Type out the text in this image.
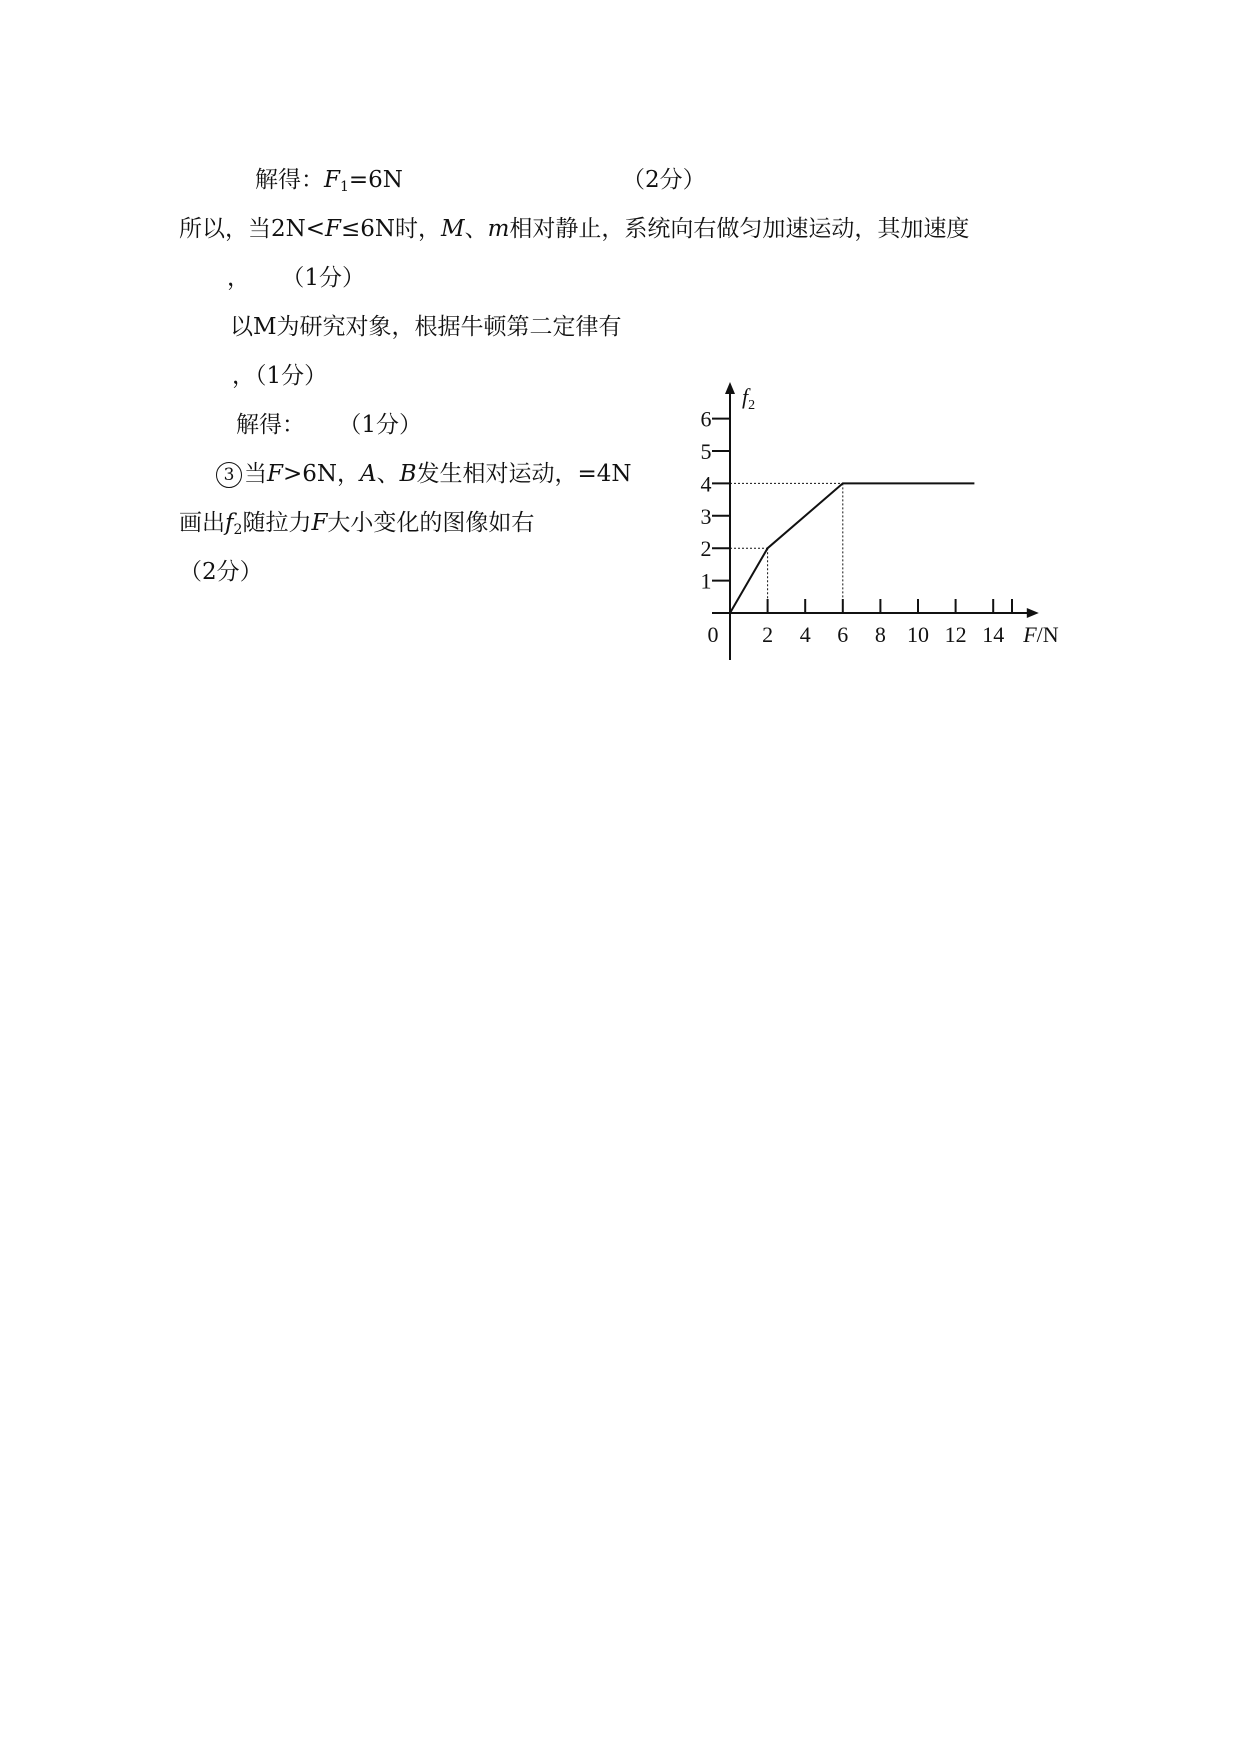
解得：$F_1=6N$	（2分）
所以，当2N<F≤6N时，M、m相对静止，系统向右做匀加速运动，其加速度
， （1分）
以M为研究对象，根据牛顿第二定律有
，（1分）
解得： （1分）
3 当F>6N，A、B发生相对运动，=4N
画出$f_2$随拉力F大小变化的图像如右
（2分）
2 4 6 8 10 12 14
1
2
3
4
5
6
0
$f_2$
F/N
